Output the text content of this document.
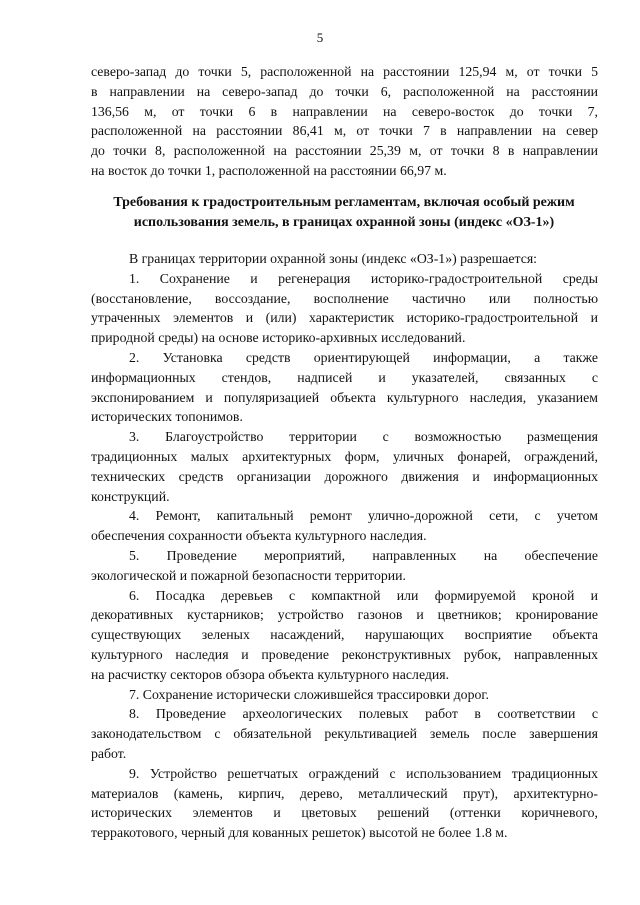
5

северо-запад до точки 5, расположенной на расстоянии 125,94 м, от точки 5

в направлении на северо-запад до точки 6, расположенной на расстоянии

136,56 м, от точки 6 в направлении на северо-восток до точки 7,

расположенной на расстоянии 86,41 м, от точки 7 в направлении на север

до точки 8, расположенной на расстоянии 25,39 м, от точки 8 в направлении

на восток до точки 1, расположенной на расстоянии 66,97 м.

Требования к градостроительным регламентам, включая особый режим
использования земель, в границах охранной зоны (индекс «ОЗ-1»)

В границах территории охранной зоны (индекс «ОЗ-1») разрешается:

1. Сохранение и регенерация историко-градостроительной среды

(восстановление, воссоздание, восполнение частично или полностью

утраченных элементов и (или) характеристик историко-градостроительной и

природной среды) на основе историко-архивных исследований.

2. Установка средств ориентирующей информации, а также

информационных стендов, надписей и указателей, связанных с

экспонированием и популяризацией объекта культурного наследия, указанием

исторических топонимов.

3. Благоустройство территории с возможностью размещения

традиционных малых архитектурных форм, уличных фонарей, ограждений,

технических средств организации дорожного движения и информационных

конструкций.

4. Ремонт, капитальный ремонт улично-дорожной сети, с учетом

обеспечения сохранности объекта культурного наследия.

5. Проведение мероприятий, направленных на обеспечение

экологической и пожарной безопасности территории.

6. Посадка деревьев с компактной или формируемой кроной и

декоративных кустарников; устройство газонов и цветников; кронирование

существующих зеленых насаждений, нарушающих восприятие объекта

культурного наследия и проведение реконструктивных рубок, направленных

на расчистку секторов обзора объекта культурного наследия.

7. Сохранение исторически сложившейся трассировки дорог.

8. Проведение археологических полевых работ в соответствии с

законодательством с обязательной рекультивацией земель после завершения

работ.

9. Устройство решетчатых ограждений с использованием традиционных

материалов (камень, кирпич, дерево, металлический прут), архитектурно-

исторических элементов и цветовых решений (оттенки коричневого,

терракотового, черный для кованных решеток) высотой не более 1.8 м.
